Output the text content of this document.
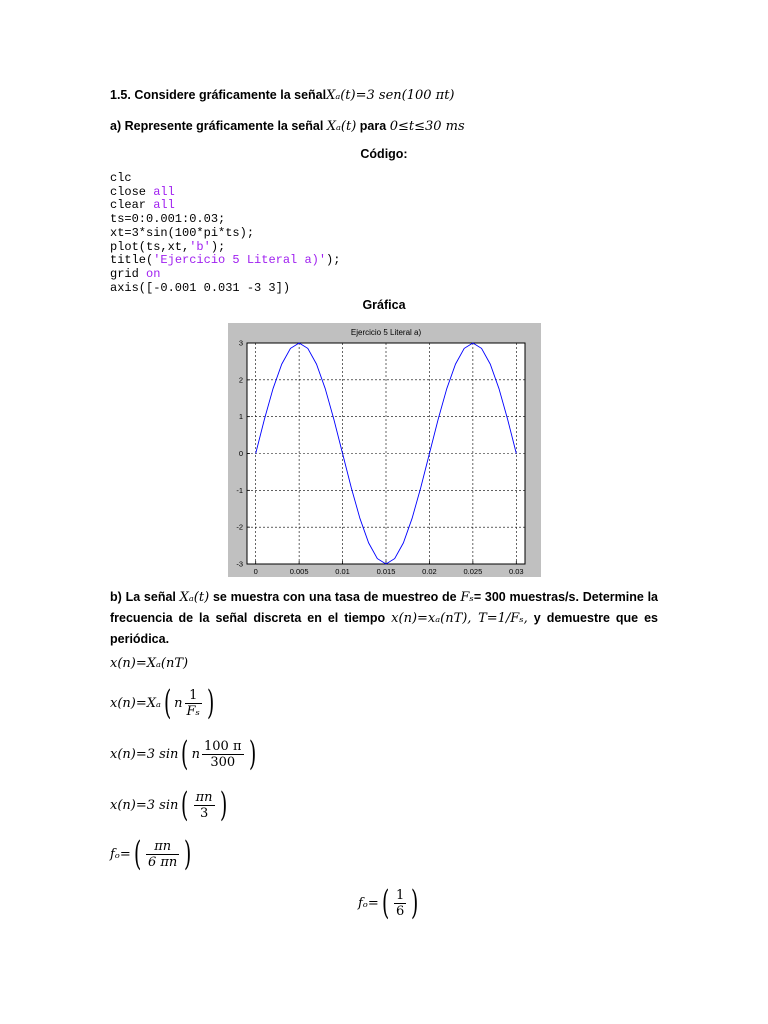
1.5. Considere gráficamente la señalXₐ(t)=3 sen(100 πt)
a) Represente gráficamente la señal Xₐ(t) para 0≤t≤30 ms
Código:
clc
close all
clear all
ts=0:0.001:0.03;
xt=3*sin(100*pi*ts);
plot(ts,xt,'b');
title('Ejercicio 5 Literal a)');
grid on
axis([-0.001 0.031 -3 3])
Gráfica
Ejercicio 5 Literal a)
0	0.005	0.01	0.015	0.02	0.025	0.03
-3
-2
-1
0
1
2
3
b) La señal Xₐ(t) se muestra con una tasa de muestreo de Fₛ= 300 muestras/s. Determine la frecuencia de la señal discreta en el tiempo x(n)=xₐ(nT), T=1/Fₛ, y demuestre que es periódica.
x(n)=Xₐ(nT)
x(n)=Xₐ ( n $\frac{1}{\text{Fₛ}}$ )
x(n)=3 sin ( n $\frac{100 \pi}{300}$ )
x(n)=3 sin ( $\frac{\pi n}{3}$ )
fₒ= ( $\frac{\pi n}{6 \pi n}$ )
fₒ= ( $\frac{1}{6}$ )
